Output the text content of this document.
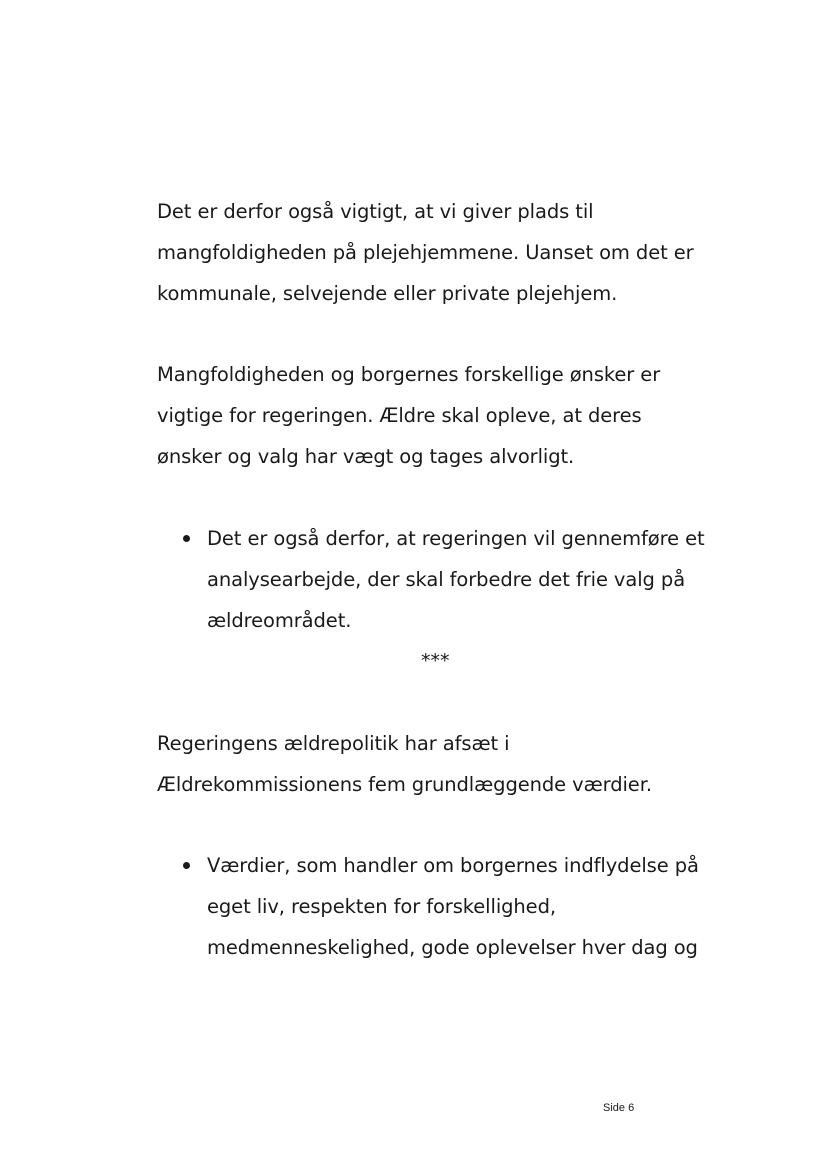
Det er derfor også vigtigt, at vi giver plads til
mangfoldigheden på plejehjemmene. Uanset om det er
kommunale, selvejende eller private plejehjem.
Mangfoldigheden og borgernes forskellige ønsker er
vigtige for regeringen. Ældre skal opleve, at deres
ønsker og valg har vægt og tages alvorligt.
Det er også derfor, at regeringen vil gennemføre et
analysearbejde, der skal forbedre det frie valg på
ældreområdet.
***
Regeringens ældrepolitik har afsæt i
Ældrekommissionens fem grundlæggende værdier.
Værdier, som handler om borgernes indflydelse på
eget liv, respekten for forskellighed,
medmenneskelighed, gode oplevelser hver dag og
Side 6
